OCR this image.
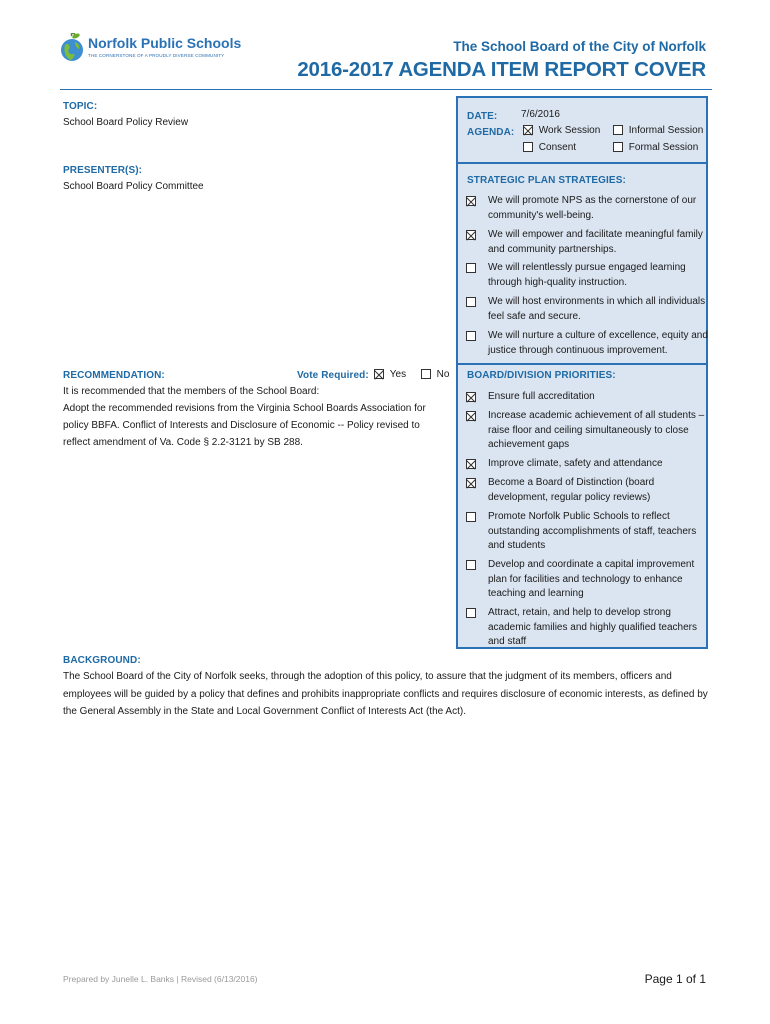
Norfolk Public Schools
THE CORNERSTONE OF A PROUDLY DIVERSE COMMUNITY
The School Board of the City of Norfolk
2016-2017 AGENDA ITEM REPORT COVER
TOPIC:
School Board Policy Review
PRESENTER(S):
School Board Policy Committee
RECOMMENDATION:	Vote Required:	Yes	No
It is recommended that the members of the School Board:
Adopt the recommended revisions from the Virginia School Boards Association for policy BBFA. Conflict of Interests and Disclosure of Economic -- Policy revised to reflect amendment of Va. Code § 2.2-3121 by SB 288.
DATE: 7/6/2016
AGENDA:	Work Session	Informal Session
Consent	Formal Session
STRATEGIC PLAN STRATEGIES:
We will promote NPS as the cornerstone of our community's well-being.
We will empower and facilitate meaningful family and community partnerships.
We will relentlessly pursue engaged learning through high-quality instruction.
We will host environments in which all individuals feel safe and secure.
We will nurture a culture of excellence, equity and justice through continuous improvement.
BOARD/DIVISION PRIORITIES:
Ensure full accreditation
Increase academic achievement of all students – raise floor and ceiling simultaneously to close achievement gaps
Improve climate, safety and attendance
Become a Board of Distinction (board development, regular policy reviews)
Promote Norfolk Public Schools to reflect outstanding accomplishments of staff, teachers and students
Develop and coordinate a capital improvement plan for facilities and technology to enhance teaching and learning
Attract, retain, and help to develop strong academic families and highly qualified teachers and staff
BACKGROUND:
The School Board of the City of Norfolk seeks, through the adoption of this policy, to assure that the judgment of its members, officers and employees will be guided by a policy that defines and prohibits inappropriate conflicts and requires disclosure of economic interests, as defined by the General Assembly in the State and Local Government Conflict of Interests Act (the Act).
Prepared by Junelle L. Banks | Revised (6/13/2016)	Page 1 of 1
